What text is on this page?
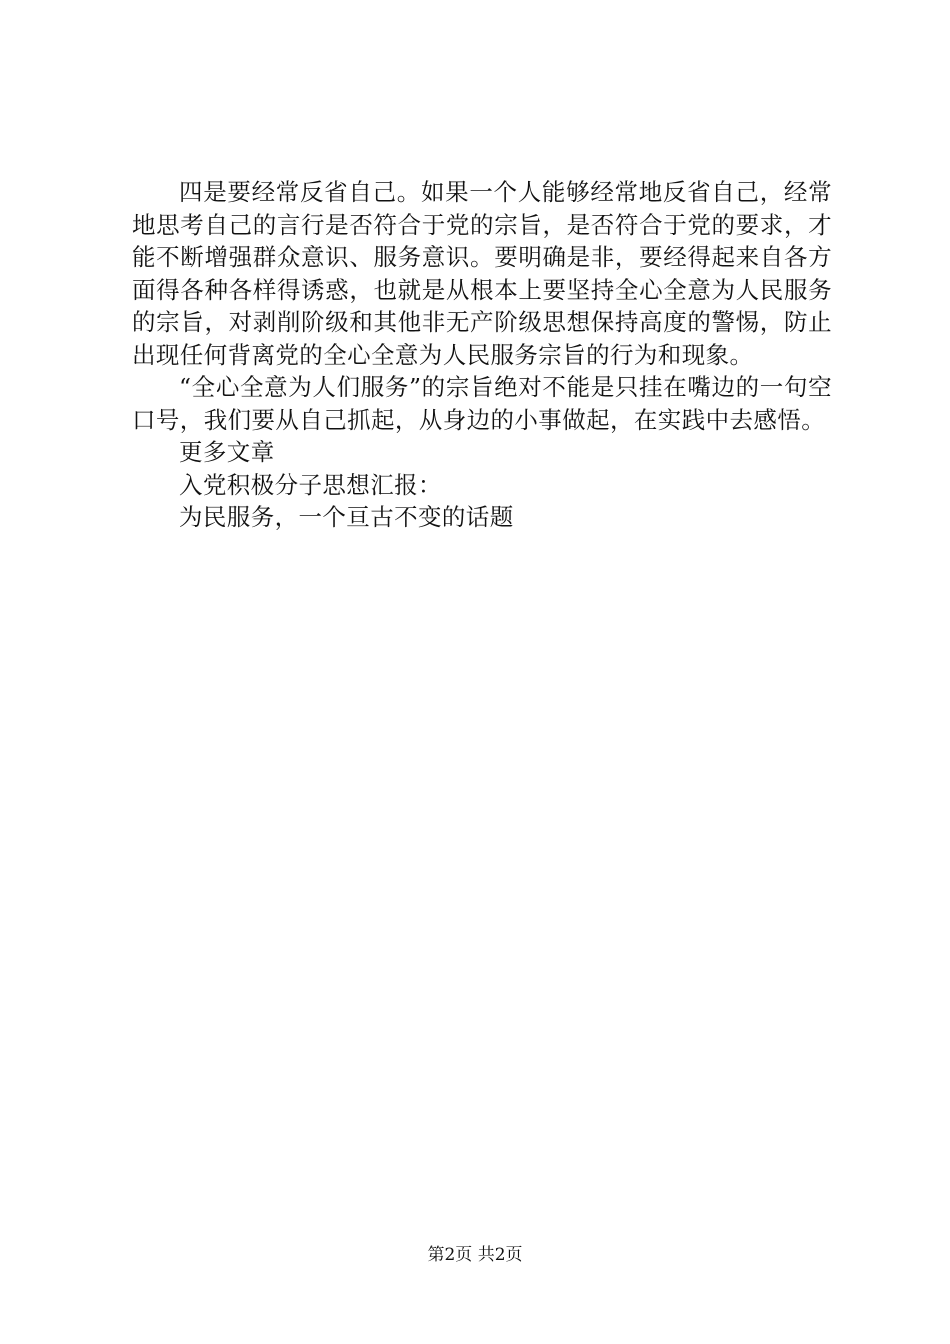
四是要经常反省自己。如果一个人能够经常地反省自己，经常地思考自己的言行是否符合于党的宗旨，是否符合于党的要求，才能不断增强群众意识、服务意识。要明确是非，要经得起来自各方面得各种各样得诱惑，也就是从根本上要坚持全心全意为人民服务的宗旨，对剥削阶级和其他非无产阶级思想保持高度的警惕，防止出现任何背离党的全心全意为人民服务宗旨的行为和现象。

“全心全意为人们服务”的宗旨绝对不能是只挂在嘴边的一句空口号，我们要从自己抓起，从身边的小事做起，在实践中去感悟。

更多文章

入党积极分子思想汇报：

为民服务，一个亘古不变的话题

第2页 共2页
